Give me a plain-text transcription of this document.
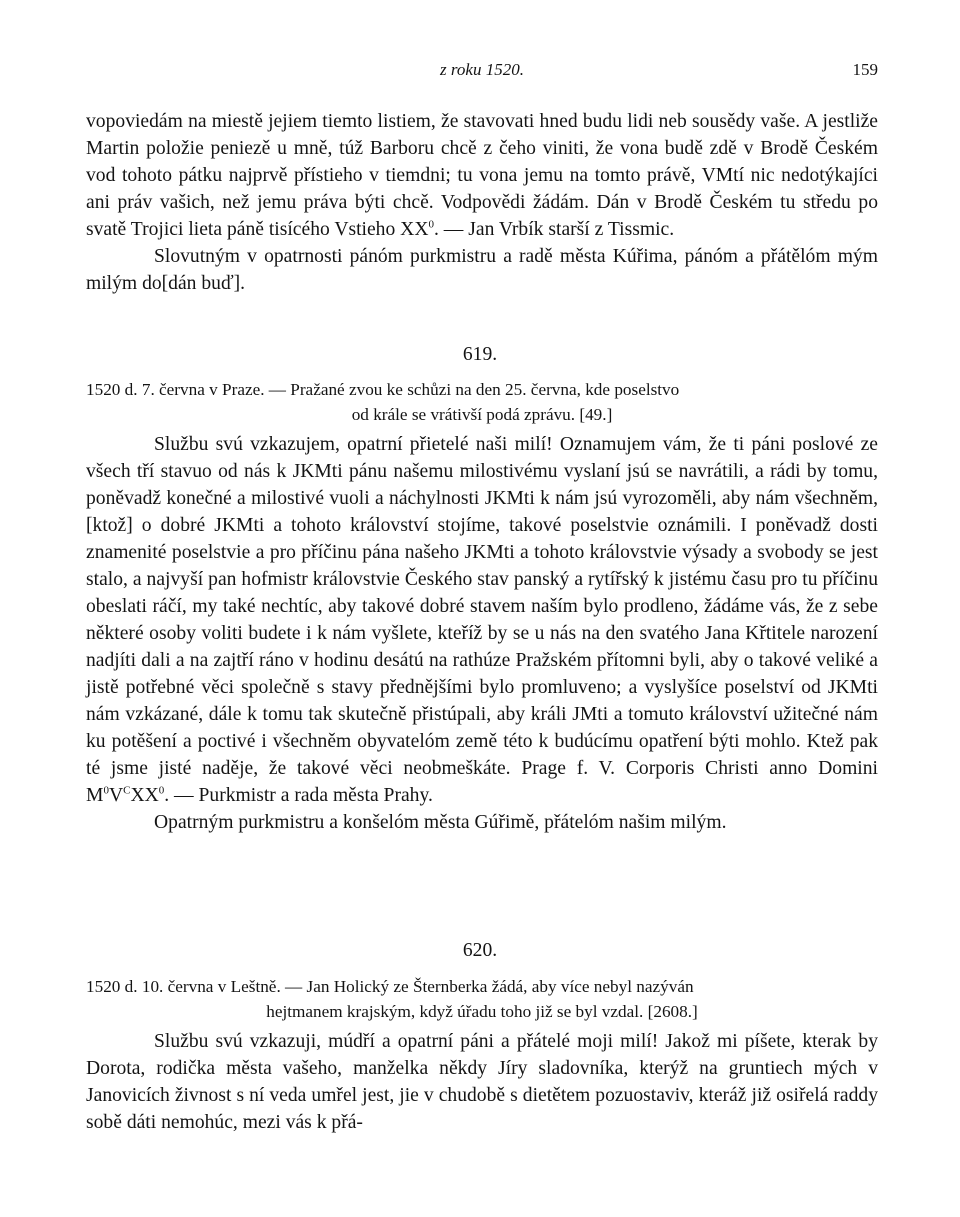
z roku 1520.	159

vopoviedám na miestě jejiem tiemto listiem, že stavovati hned budu lidi neb sousědy vaše. A jestliže Martin položie peniezě u mně, túž Barboru chcě z čeho viniti, že vona budě zdě v Brodě Českém vod tohoto pátku najprvě přístieho v tiemdni; tu vona jemu na tomto právě, VMtí nic nedotýkajíci ani práv vašich, než jemu práva býti chcě. Vodpovědi žádám. Dán v Brodě Českém tu středu po svatě Trojici lieta páně tisícého Vstieho $XX^0$. — Jan Vrbík starší z Tissmic.

Slovutným v opatrnosti pánóm purkmistru a radě města Kúřima, pánóm a přátělóm mým milým do[dán buď].

619.
1520 d. 7. června v Praze. — Pražané zvou ke schůzi na den 25. června, kde poselstvo
od krále se vrátivší podá zprávu. [49.]

Službu svú vzkazujem, opatrní přietelé naši milí! Oznamujem vám, že ti páni poslové ze všech tří stavuo od nás k JKMti pánu našemu milostivému vyslaní jsú se navrátili, a rádi by tomu, poněvadž konečné a milostivé vuoli a náchylnosti JKMti k nám jsú vyrozoměli, aby nám všechněm, [ktož] o dobré JKMti a tohoto království stojíme, takové poselstvie oznámili. I poněvadž dosti znamenité poselstvie a pro příčinu pána našeho JKMti a tohoto královstvie výsady a svobody se jest stalo, a najvyší pan hofmistr královstvie Českého stav panský a rytířský k jistému času pro tu příčinu obeslati ráčí, my také nechtíc, aby takové dobré stavem naším bylo prodleno, žádáme vás, že z sebe některé osoby voliti budete i k nám vyšlete, kteříž by se u nás na den svatého Jana Křtitele narození nadjíti dali a na zajtří ráno v hodinu desátú na rathúze Pražském přítomni byli, aby o takové veliké a jistě potřebné věci společně s stavy přednějšími bylo promluveno; a vyslyšíce poselství od JKMti nám vzkázané, dále k tomu tak skutečně přistúpali, aby králi JMti a tomuto království užitečné nám ku potěšení a poctivé i všechněm obyvatelóm země této k budúcímu opatření býti mohlo. Ktež pak té jsme jisté naděje, že takové věci neobmeškáte. Prage f. V. Corporis Christi anno Domini $M^0V^CXX^0$. — Purkmistr a rada města Prahy.

Opatrným purkmistru a konšelóm města Gúřimě, přátelóm našim milým.

620.
1520 d. 10. června v Leštně. — Jan Holický ze Šternberka žádá, aby více nebyl nazýván
hejtmanem krajským, když úřadu toho již se byl vzdal. [2608.]

Službu svú vzkazuji, múdří a opatrní páni a přátelé moji milí! Jakož mi píšete, kterak by Dorota, rodička města vašeho, manželka někdy Jíry sladovníka, kterýž na gruntiech mých v Janovicích živnost s ní veda umřel jest, jie v chudobě s dietětem pozuostaviv, kteráž již osiřelá raddy sobě dáti nemohúc, mezi vás k přá-
